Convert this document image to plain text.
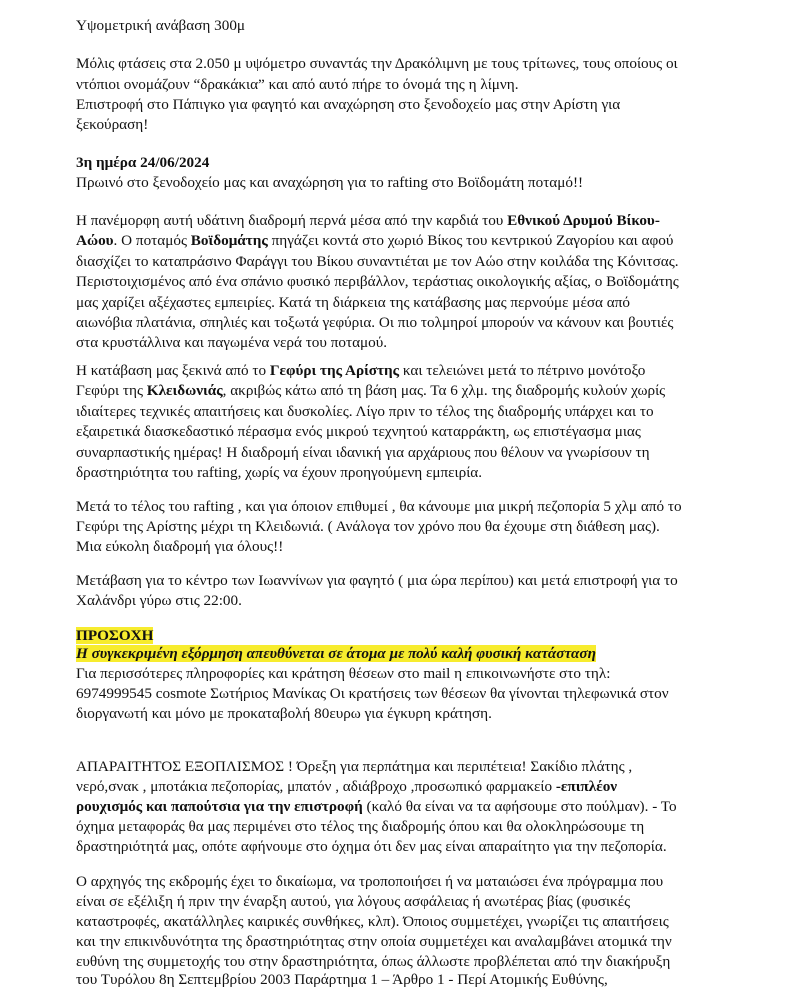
Υψομετρική ανάβαση 300μ
Μόλις φτάσεις στα 2.050 μ υψόμετρο συναντάς την Δρακόλιμνη με τους τρίτωνες, τους οποίους οι
ντόπιοι ονομάζουν “δρακάκια” και από αυτό πήρε το όνομά της η λίμνη.
Επιστροφή στο Πάπιγκο για φαγητό και αναχώρηση στο ξενοδοχείο μας στην Αρίστη για
ξεκούραση!
3η ημέρα 24/06/2024
Πρωινό στο ξενοδοχείο μας και αναχώρηση για το rafting στο Βοϊδομάτη ποταμό!!
Η πανέμορφη αυτή υδάτινη διαδρομή περνά μέσα από την καρδιά του Εθνικού Δρυμού Βίκου-
Αώου. Ο ποταμός Βοϊδομάτης πηγάζει κοντά στο χωριό Βίκος του κεντρικού Ζαγορίου και αφού
διασχίζει το καταπράσινο Φαράγγι του Βίκου συναντιέται με τον Αώο στην κοιλάδα της Κόνιτσας.
Περιστοιχισμένος από ένα σπάνιο φυσικό περιβάλλον, τεράστιας οικολογικής αξίας, ο Βοϊδομάτης
μας χαρίζει αξέχαστες εμπειρίες. Κατά τη διάρκεια της κατάβασης μας περνούμε μέσα από
αιωνόβια πλατάνια, σπηλιές και τοξωτά γεφύρια. Οι πιο τολμηροί μπορούν να κάνουν και βουτιές
στα κρυστάλλινα και παγωμένα νερά του ποταμού.
Η κατάβαση μας ξεκινά από το Γεφύρι της Αρίστης και τελειώνει μετά το πέτρινο μονότοξο
Γεφύρι της Κλειδωνιάς, ακριβώς κάτω από τη βάση μας. Τα 6 χλμ. της διαδρομής κυλούν χωρίς
ιδιαίτερες τεχνικές απαιτήσεις και δυσκολίες. Λίγο πριν το τέλος της διαδρομής υπάρχει και το
εξαιρετικά διασκεδαστικό πέρασμα ενός μικρού τεχνητού καταρράκτη, ως επιστέγασμα μιας
συναρπαστικής ημέρας! Η διαδρομή είναι ιδανική για αρχάριους που θέλουν να γνωρίσουν τη
δραστηριότητα του rafting, χωρίς να έχουν προηγούμενη εμπειρία.
Μετά το τέλος του rafting , και για όποιον επιθυμεί , θα κάνουμε μια μικρή πεζοπορία 5 χλμ από το
Γεφύρι της Αρίστης μέχρι τη Κλειδωνιά. ( Ανάλογα τον χρόνο που θα έχουμε στη διάθεση μας).
Μια εύκολη διαδρομή για όλους!!
Μετάβαση για το κέντρο των Ιωαννίνων για φαγητό ( μια ώρα περίπου) και μετά επιστροφή για το
Χαλάνδρι γύρω στις 22:00.
ΠΡΟΣΟΧΗ
Η συγκεκριμένη εξόρμηση απευθύνεται σε άτομα με πολύ καλή φυσική κατάσταση
Για περισσότερες πληροφορίες και κράτηση θέσεων στο mail η επικοινωνήστε στο τηλ:
6974999545 cosmote Σωτήριος Μανίκας Οι κρατήσεις των θέσεων θα γίνονται τηλεφωνικά στον
διοργανωτή και μόνο με προκαταβολή 80ευρω για έγκυρη κράτηση.
ΑΠΑΡΑΙΤΗΤΟΣ ΕΞΟΠΛΙΣΜΟΣ ! Όρεξη για περπάτημα και περιπέτεια! Σακίδιο πλάτης ,
νερό,σνακ , μποτάκια πεζοπορίας, μπατόν , αδιάβροχο ,προσωπικό φαρμακείο -επιπλέον
ρουχισμός και παπούτσια για την επιστροφή (καλό θα είναι να τα αφήσουμε στο πούλμαν). - Το
όχημα μεταφοράς θα μας περιμένει στο τέλος της διαδρομής όπου και θα ολοκληρώσουμε τη
δραστηριότητά μας, οπότε αφήνουμε στο όχημα ότι δεν μας είναι απαραίτητο για την πεζοπορία.
Ο αρχηγός της εκδρομής έχει το δικαίωμα, να τροποποιήσει ή να ματαιώσει ένα πρόγραμμα που
είναι σε εξέλιξη ή πριν την έναρξη αυτού, για λόγους ασφάλειας ή ανωτέρας βίας (φυσικές
καταστροφές, ακατάλληλες καιρικές συνθήκες, κλπ). Όποιος συμμετέχει, γνωρίζει τις απαιτήσεις
και την επικινδυνότητα της δραστηριότητας στην οποία συμμετέχει και αναλαμβάνει ατομικά την
ευθύνη της συμμετοχής του στην δραστηριότητα, όπως άλλωστε προβλέπεται από την διακήρυξη
του Τυρόλου 8η Σεπτεμβρίου 2003 Παράρτημα 1 – Άρθρο 1 - Περί Ατομικής Ευθύνης,
